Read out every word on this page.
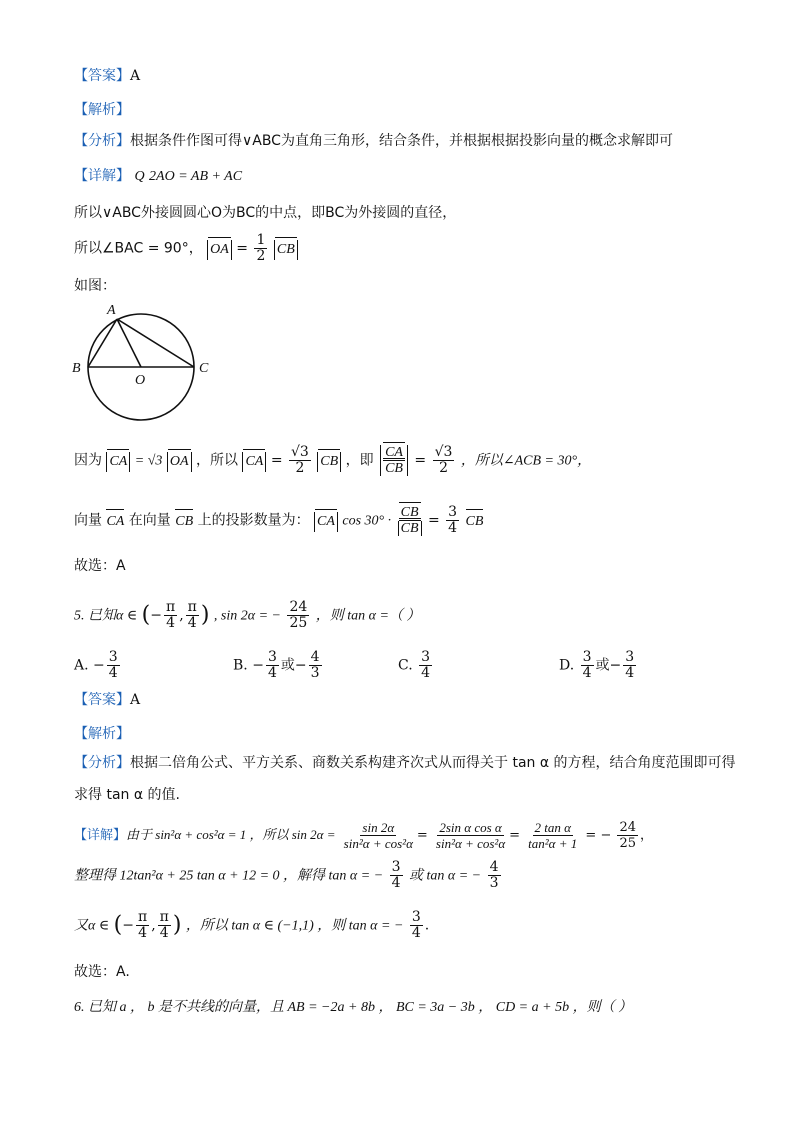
【答案】A
【解析】
【分析】根据条件作图可得∨ABC为直角三角形，结合条件，并根据根据投影向量的概念求解即可
【详解】 Q 2AO = AB + AC
所以∨ABC外接圆圆心O为BC的中点，即BC为外接圆的直径，
所以∠BAC = 90°， OA = $\frac{1}{2}$ CB
如图：
A
B	C
O
因为 CA = √3 OA ，所以 CA = $\frac{√3}{2}$ CB ，即 $\frac{CA}{CB} = \frac{√3}{2}$ ，所以∠ACB = 30°，
向量 CA 在向量 CB 上的投影数量为： CA $\cos 30^\circ \cdot \frac{CB}{CB} = \frac{3}{4}$ CB
故选：A
5. 已知α ∈ (− $\frac{\pi}{4}$ , $\frac{\pi}{4}$ ) , sin 2α = − $\frac{24}{25}$ ，则 tan α =（ ）
A. − $\frac{3}{4}$	B. − $\frac{3}{4}$ 或− $\frac{4}{3}$	C. $\frac{3}{4}$	D. $\frac{3}{4}$ 或− $\frac{3}{4}$
【答案】A
【解析】
【分析】根据二倍角公式、平方关系、商数关系构建齐次式从而得关于 tan α 的方程，结合角度范围即可得
求得 tan α 的值.
【详解】由于 sin²α + cos²α = 1 ，所以 $\sin 2\alpha = \frac{\sin 2\alpha}{\text{sin²α + cos²α}} = \frac{\text{2sin α cos α}}{\text{sin²α + cos²α}} = \frac{\text{2 tan α}}{\text{tan²α + 1}}$ = − $\frac{24}{25}$ ，
整理得 12tan²α + 25 tan α + 12 = 0 ，解得 tan α = − $\frac{3}{4}$ 或 tan α = − $\frac{4}{3}$
又α ∈ (− $\frac{\pi}{4}$ , $\frac{\pi}{4}$ ) ，所以 tan α ∈ (−1,1) ，则 tan α = − $\frac{3}{4}$ .
故选：A.
6. 已知 a ， b 是不共线的向量，且 AB = −2a + 8b ， BC = 3a − 3b ， CD = a + 5b ，则（ ）
